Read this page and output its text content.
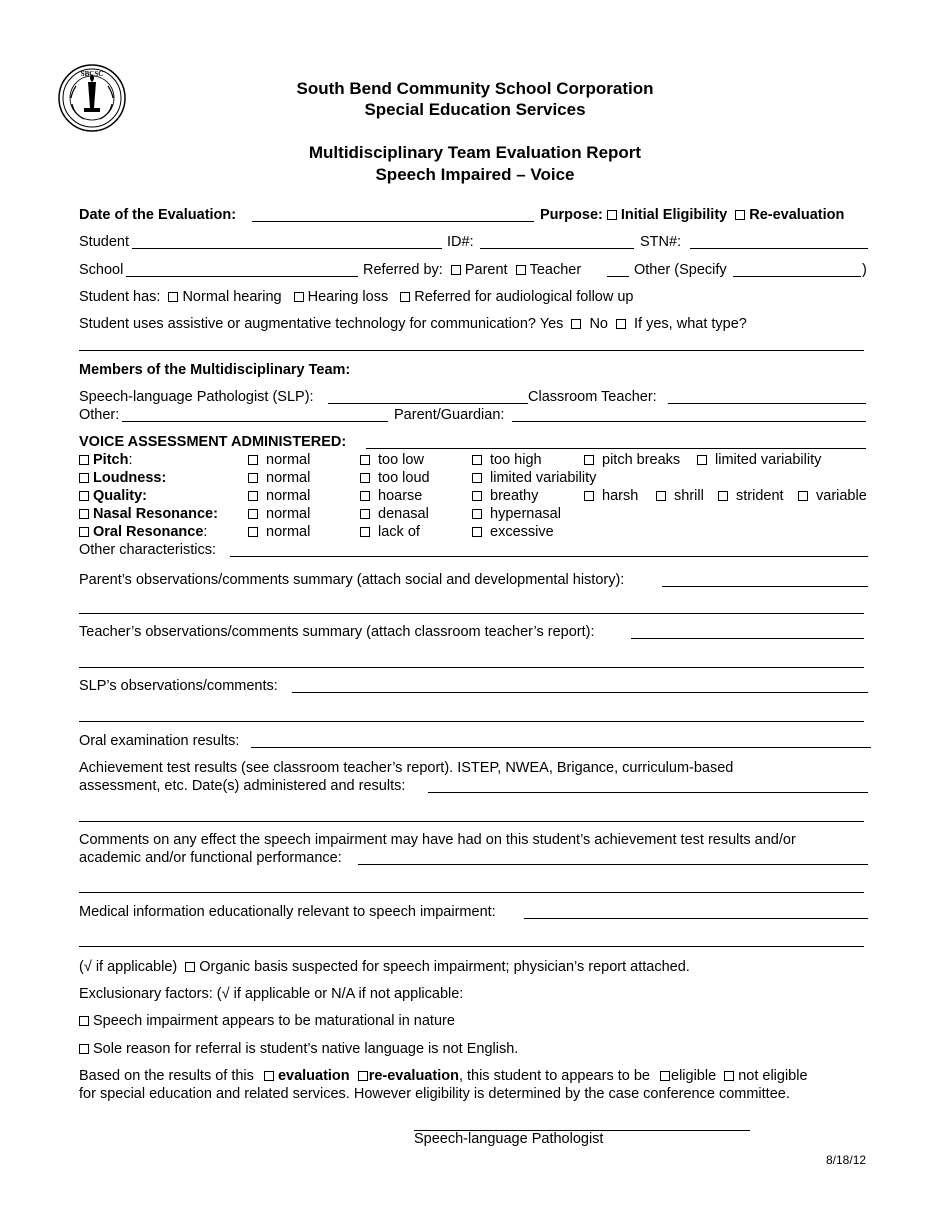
SBCSC
South Bend Community School Corporation
Special Education Services
Multidisciplinary Team Evaluation Report
Speech Impaired – Voice
Date of the Evaluation:	Purpose: Initial Eligibility Re-evaluation
Student	ID#:	STN#:
School	Referred by: Parent Teacher	Other (Specify	)
Student has: Normal hearing Hearing loss Referred for audiological follow up
Student uses assistive or augmentative technology for communication? Yes No If yes, what type?
Members of the Multidisciplinary Team:
Speech-language Pathologist (SLP):	Classroom Teacher:
Other:	Parent/Guardian:
VOICE ASSESSMENT ADMINISTERED:
Pitch:	normal	too low	too high	pitch breaks	limited variability
Loudness:	normal	too loud	limited variability
Quality:	normal	hoarse	breathy	harsh	shrill	strident	variable
Nasal Resonance:	normal	denasal	hypernasal
Oral Resonance:	normal	lack of	excessive
Other characteristics:
Parent’s observations/comments summary (attach social and developmental history):
Teacher’s observations/comments summary (attach classroom teacher’s report):
SLP’s observations/comments:
Oral examination results:
Achievement test results (see classroom teacher’s report). ISTEP, NWEA, Brigance, curriculum-based
assessment, etc. Date(s) administered and results:
Comments on any effect the speech impairment may have had on this student’s achievement test results and/or
academic and/or functional performance:
Medical information educationally relevant to speech impairment:
(√ if applicable) Organic basis suspected for speech impairment; physician’s report attached.
Exclusionary factors: (√ if applicable or N/A if not applicable:
Speech impairment appears to be maturational in nature
Sole reason for referral is student’s native language is not English.
Based on the results of this evaluation re-evaluation, this student to appears to be eligible not eligible
for special education and related services. However eligibility is determined by the case conference committee.
Speech-language Pathologist
8/18/12
